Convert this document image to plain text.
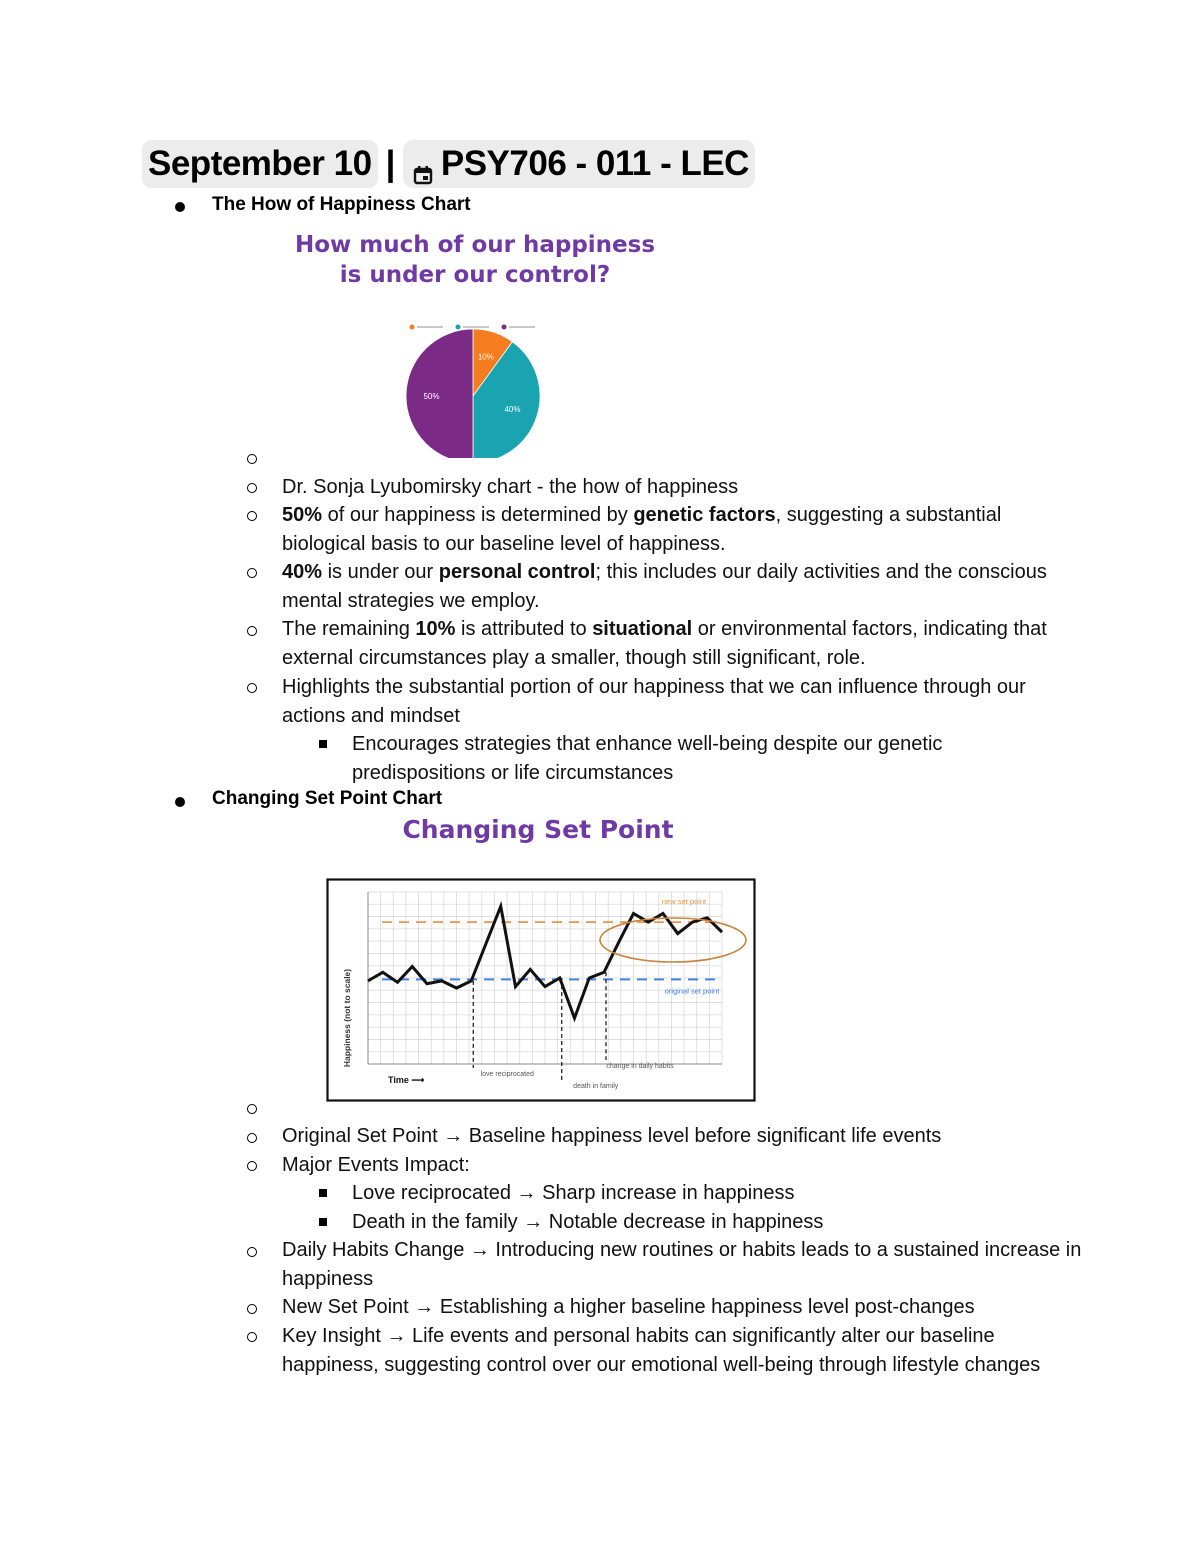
September 10 | PSY706 - 011 - LEC
The How of Happiness Chart
How much of our happiness
is under our control?
10%
40%
50%
Dr. Sonja Lyubomirsky chart - the how of happiness
50% of our happiness is determined by genetic factors, suggesting a substantial biological basis to our baseline level of happiness.
40% is under our personal control; this includes our daily activities and the conscious mental strategies we employ.
The remaining 10% is attributed to situational or environmental factors, indicating that external circumstances play a smaller, though still significant, role.
Highlights the substantial portion of our happiness that we can influence through our actions and mindset
Encourages strategies that enhance well-being despite our genetic predispositions or life circumstances
Changing Set Point Chart
Changing Set Point
new set point
original set point
love reciprocated
death in family
change in daily habits
Happiness (not to scale)
Time ⟶
Original Set Point → Baseline happiness level before significant life events
Major Events Impact:
Love reciprocated → Sharp increase in happiness
Death in the family → Notable decrease in happiness
Daily Habits Change → Introducing new routines or habits leads to a sustained increase in happiness
New Set Point → Establishing a higher baseline happiness level post-changes
Key Insight → Life events and personal habits can significantly alter our baseline happiness, suggesting control over our emotional well-being through lifestyle changes
